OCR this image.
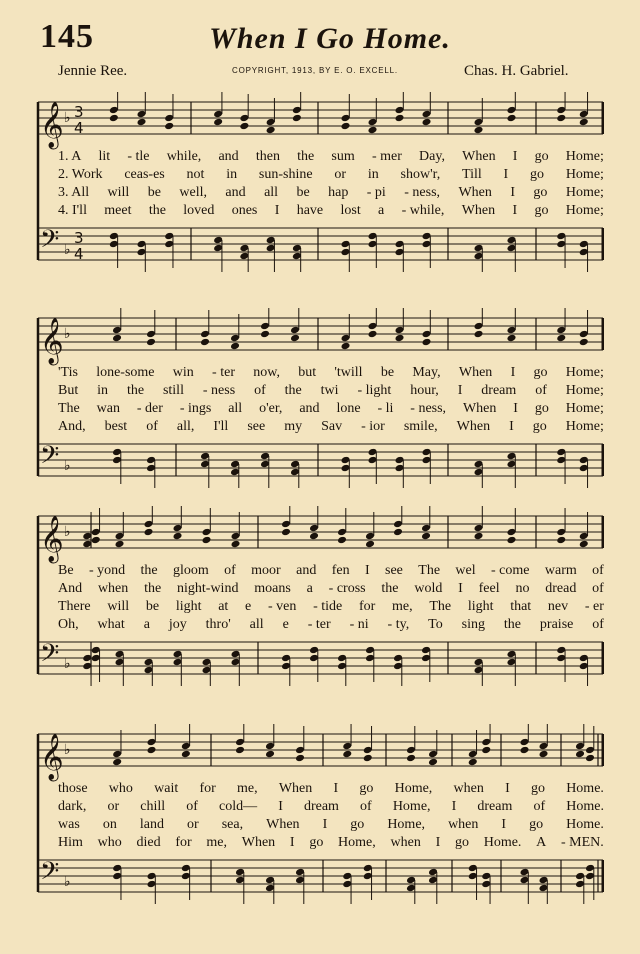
145	When I Go Home.
Jennie Ree.	COPYRIGHT, 1913, BY E. O. EXCELL.	Chas. H. Gabriel.
𝄞
𝄢
♭
♭
3
4
3
4
1. A lit - tle while, and then the sum - mer Day, When I go Home;
2. Work ceas-es not in sun-shine or in show'r, Till I go Home;
3. All will be well, and all be hap - pi - ness, When I go Home;
4. I'll meet the loved ones I have lost a - while, When I go Home;
𝄞
𝄢
♭
♭
'Tis lone-some win - ter now, but 'twill be May, When I go Home;
But in the still - ness of the twi - light hour, I dream of Home;
The wan - der - ings all o'er, and lone - li - ness, When I go Home;
And, best of all, I'll see my Sav - ior smile, When I go Home;
𝄞
𝄢
♭
♭
Be - yond the gloom of moor and fen I see The wel - come warm of
And when the night-wind moans a - cross the wold I feel no dread of
There will be light at e - ven - tide for me, The light that nev - er
Oh, what a joy thro' all e - ter - ni - ty, To sing the praise of
𝄞
𝄢
♭
♭
those who wait for me, When I go Home, when I go Home.
dark, or chill of cold— I dream of Home, I dream of Home.
was on land or sea, When I go Home, when I go Home.
Him who died for me, When I go Home, when I go Home. A - MEN.
